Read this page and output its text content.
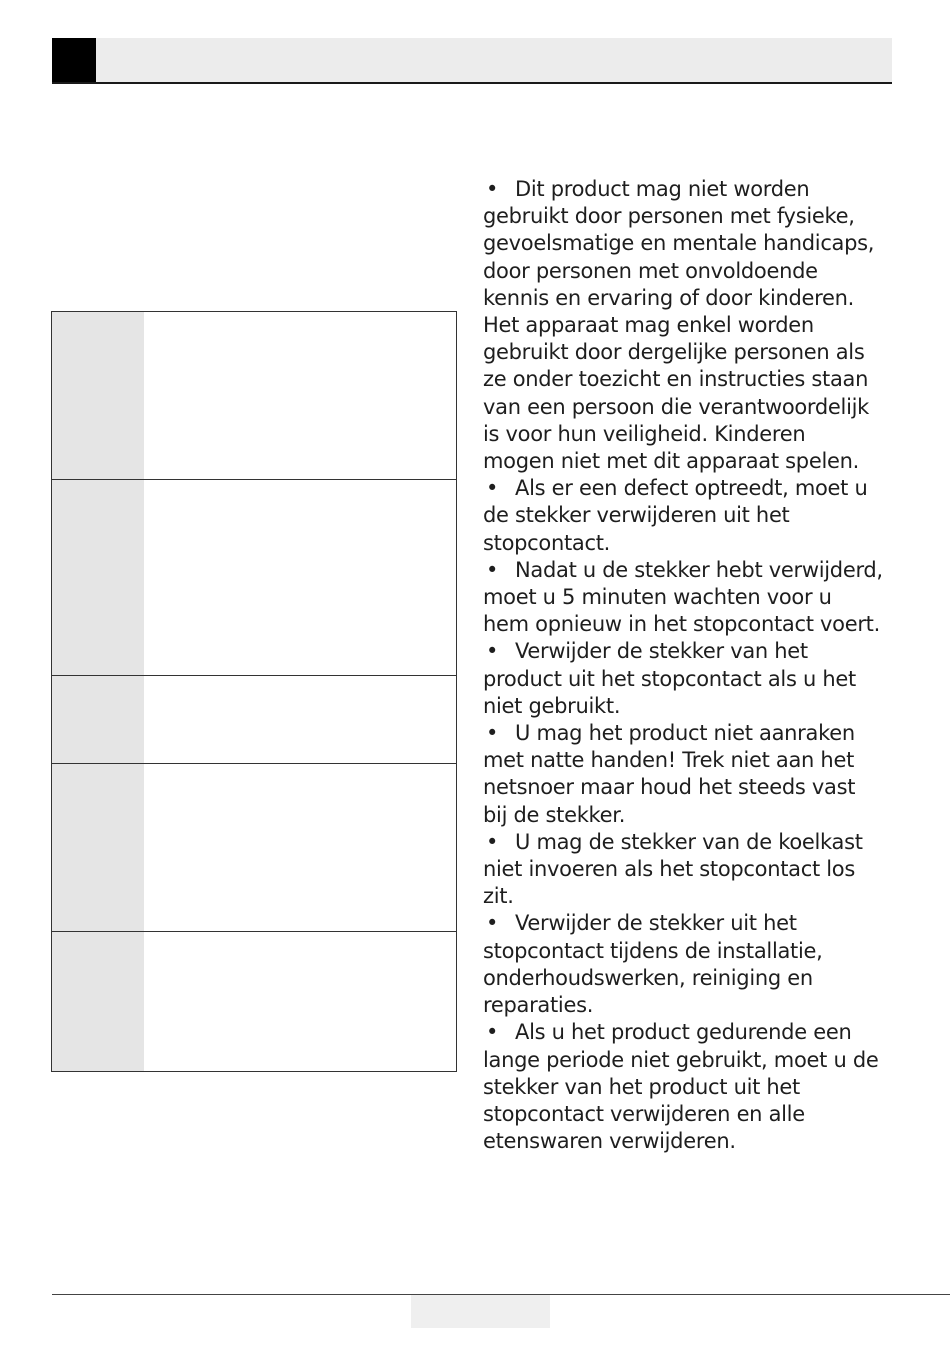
• Dit product mag niet worden gebruikt door personen met fysieke, gevoelsmatige en mentale handicaps, door personen met onvoldoende kennis en ervaring of door kinderen. Het apparaat mag enkel worden gebruikt door dergelijke personen als ze onder toezicht en instructies staan van een persoon die verantwoordelijk is voor hun veiligheid. Kinderen mogen niet met dit apparaat spelen.
• Als er een defect optreedt, moet u de stekker verwijderen uit het stopcontact.
• Nadat u de stekker hebt verwijderd, moet u 5 minuten wachten voor u hem opnieuw in het stopcontact voert.
• Verwijder de stekker van het product uit het stopcontact als u het niet gebruikt.
• U mag het product niet aanraken met natte handen! Trek niet aan het netsnoer maar houd het steeds vast bij de stekker.
• U mag de stekker van de koelkast niet invoeren als het stopcontact los zit.
• Verwijder de stekker uit het stopcontact tijdens de installatie, onderhoudswerken, reiniging en reparaties.
• Als u het product gedurende een lange periode niet gebruikt, moet u de stekker van het product uit het stopcontact verwijderen en alle etenswaren verwijderen.
